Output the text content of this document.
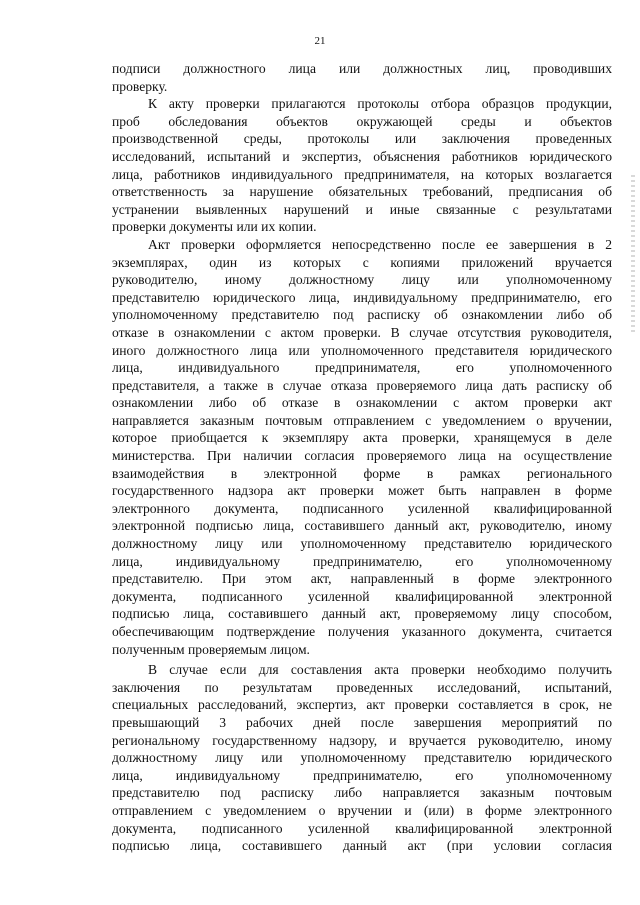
21
подписи должностного лица или должностных лиц, проводивших
проверку.
К акту проверки прилагаются протоколы отбора образцов продукции,
проб обследования объектов окружающей среды и объектов
производственной среды, протоколы или заключения проведенных
исследований, испытаний и экспертиз, объяснения работников юридического
лица, работников индивидуального предпринимателя, на которых возлагается
ответственность за нарушение обязательных требований, предписания об
устранении выявленных нарушений и иные связанные с результатами
проверки документы или их копии.
Акт проверки оформляется непосредственно после ее завершения в 2
экземплярах, один из которых с копиями приложений вручается
руководителю, иному должностному лицу или уполномоченному
представителю юридического лица, индивидуальному предпринимателю, его
уполномоченному представителю под расписку об ознакомлении либо об
отказе в ознакомлении с актом проверки. В случае отсутствия руководителя,
иного должностного лица или уполномоченного представителя юридического
лица, индивидуального предпринимателя, его уполномоченного
представителя, а также в случае отказа проверяемого лица дать расписку об
ознакомлении либо об отказе в ознакомлении с актом проверки акт
направляется заказным почтовым отправлением с уведомлением о вручении,
которое приобщается к экземпляру акта проверки, хранящемуся в деле
министерства. При наличии согласия проверяемого лица на осуществление
взаимодействия в электронной форме в рамках регионального
государственного надзора акт проверки может быть направлен в форме
электронного документа, подписанного усиленной квалифицированной
электронной подписью лица, составившего данный акт, руководителю, иному
должностному лицу или уполномоченному представителю юридического
лица, индивидуальному предпринимателю, его уполномоченному
представителю. При этом акт, направленный в форме электронного
документа, подписанного усиленной квалифицированной электронной
подписью лица, составившего данный акт, проверяемому лицу способом,
обеспечивающим подтверждение получения указанного документа, считается
полученным проверяемым лицом.
В случае если для составления акта проверки необходимо получить
заключения по результатам проведенных исследований, испытаний,
специальных расследований, экспертиз, акт проверки составляется в срок, не
превышающий 3 рабочих дней после завершения мероприятий по
региональному государственному надзору, и вручается руководителю, иному
должностному лицу или уполномоченному представителю юридического
лица, индивидуальному предпринимателю, его уполномоченному
представителю под расписку либо направляется заказным почтовым
отправлением с уведомлением о вручении и (или) в форме электронного
документа, подписанного усиленной квалифицированной электронной
подписью лица, составившего данный акт (при условии согласия
